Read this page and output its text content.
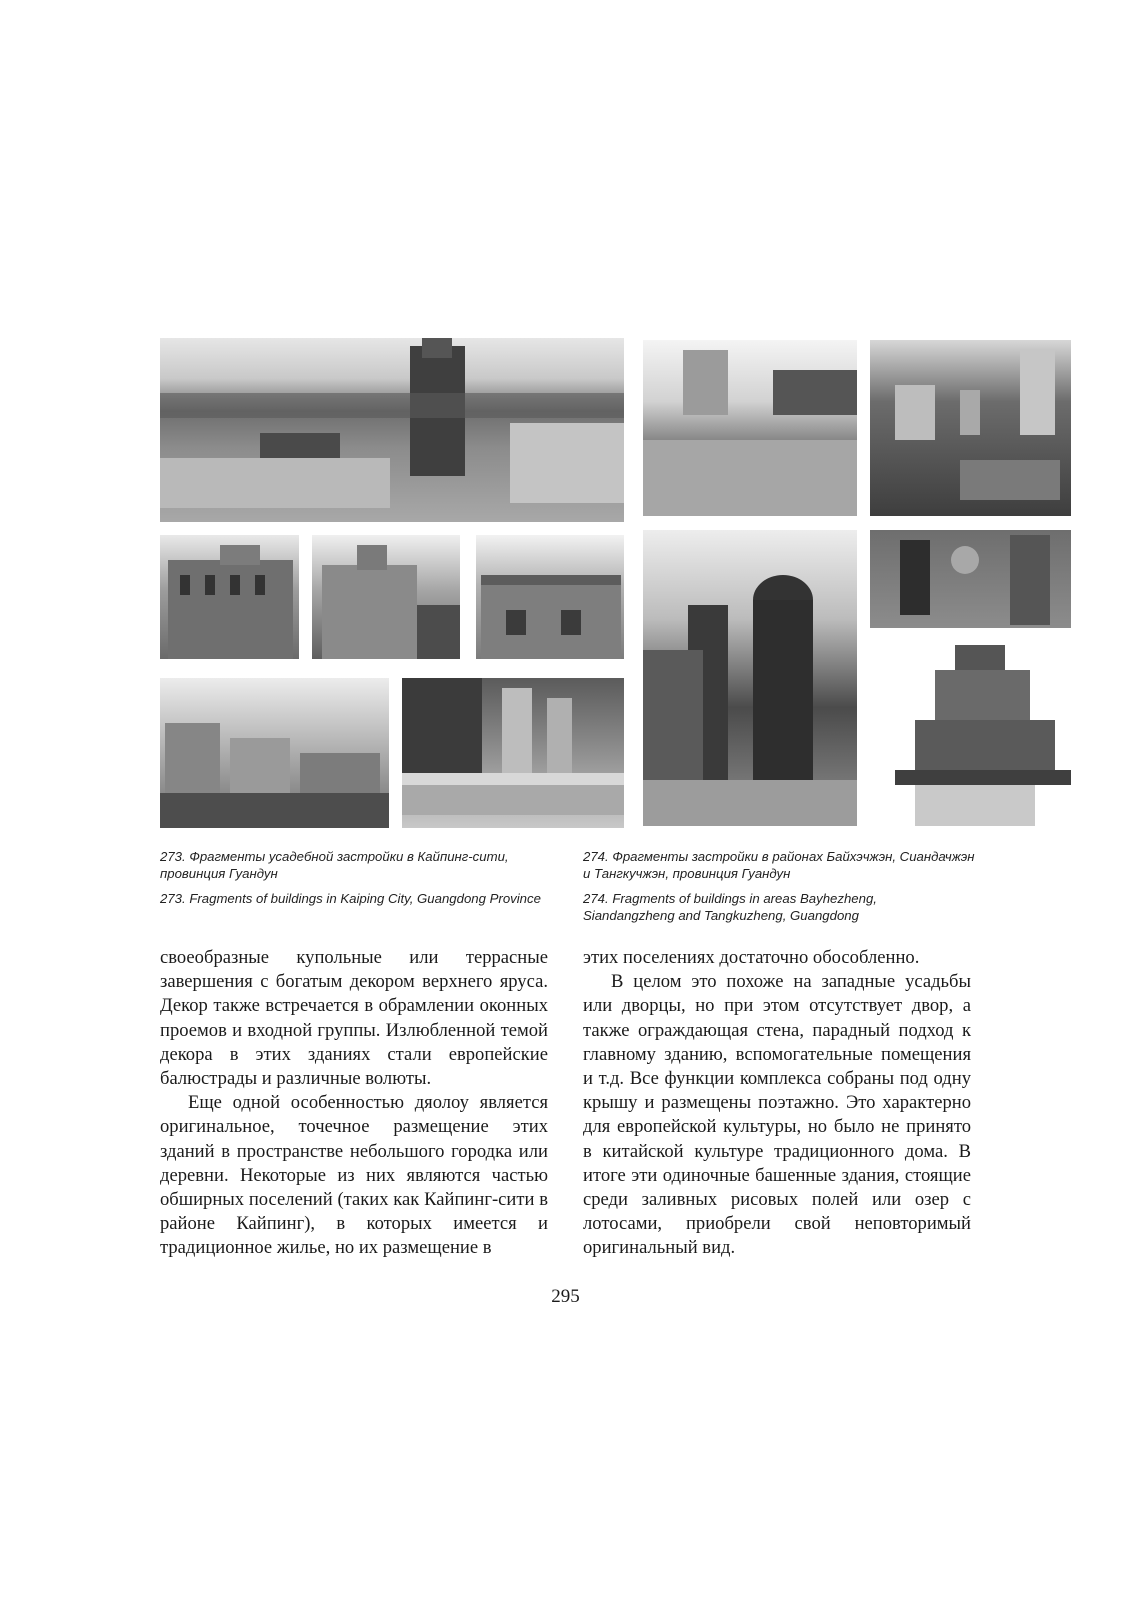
273. Фрагменты усадебной застройки в Кайпинг-сити, провинция Гуандун
273. Fragments of buildings in Kaiping City, Guangdong Province
274. Фрагменты застройки в районах Байхэчжэн, Сиандачжэн и Тангкучжэн, провинция Гуандун
274. Fragments of buildings in areas Bayhezheng, Siandangzheng and Tangkuzheng, Guangdong

своеобразные купольные или террасные завершения с богатым декором верхнего яруса. Декор также встречается в обрамлении оконных проемов и входной группы. Излюбленной темой декора в этих зданиях стали европейские балюстрады и различные волюты.

Еще одной особенностью дяолоу является оригинальное, точечное размещение этих зданий в пространстве небольшого городка или деревни. Некоторые из них являются частью обширных поселений (таких как Кайпинг-сити в районе Кайпинг), в которых имеется и традиционное жилье, но их размещение в

этих поселениях достаточно обособленно.

В целом это похоже на западные усадьбы или дворцы, но при этом отсутствует двор, а также ограждающая стена, парадный подход к главному зданию, вспомогательные помещения и т.д. Все функции комплекса собраны под одну крышу и размещены поэтажно. Это характерно для европейской культуры, но было не принято в китайской культуре традиционного дома. В итоге эти одиночные башенные здания, стоящие среди заливных рисовых полей или озер с лотосами, приобрели свой неповторимый оригинальный вид.

295
